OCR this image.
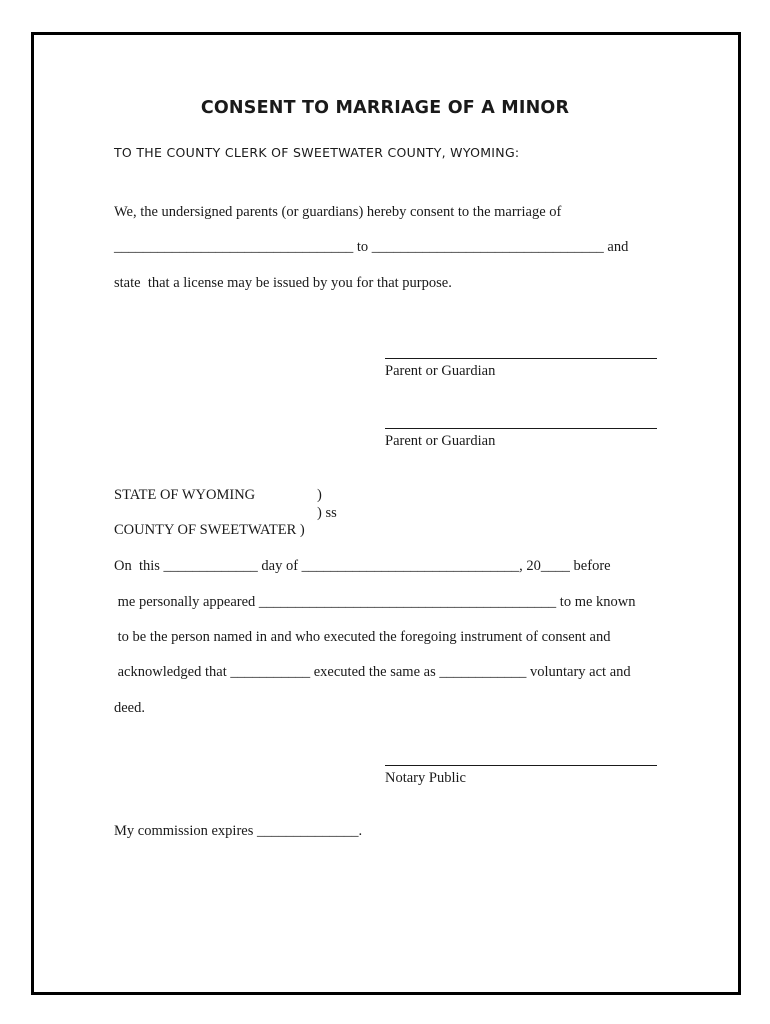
CONSENT TO MARRIAGE OF A MINOR
TO THE COUNTY CLERK OF SWEETWATER COUNTY, WYOMING:
We, the undersigned parents (or guardians) hereby consent to the marriage of
_________________________________ to ________________________________ and
state  that a license may be issued by you for that purpose.
Parent or Guardian
Parent or Guardian
STATE OF WYOMING	)
) ss
COUNTY OF SWEETWATER )
On  this _____________ day of ______________________________, 20____ before
me personally appeared _________________________________________ to me known
to be the person named in and who executed the foregoing instrument of consent and
acknowledged that ___________ executed the same as ____________ voluntary act and
deed.
Notary Public
My commission expires ______________.
